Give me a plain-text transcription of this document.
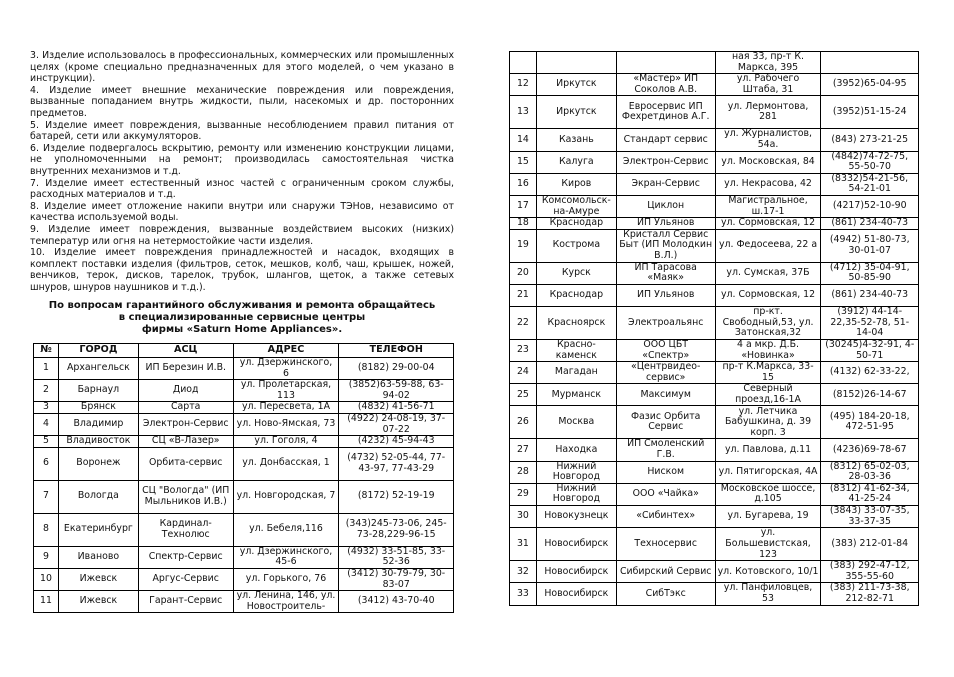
3. Изделие использовалось в профессиональных, коммерческих или промышленных целях (кроме специально предназначенных для этого моделей, о чем указано в инструкции).

4. Изделие имеет внешние механические повреждения или повреждения, вызванные попаданием внутрь жидкости, пыли, насекомых и др. посторонних предметов.

5. Изделие имеет повреждения, вызванные несоблюдением правил питания от батарей, сети или аккумуляторов.

6. Изделие подвергалось вскрытию, ремонту или изменению конструкции лицами, не уполномоченными на ремонт; производилась самостоятельная чистка внутренних механизмов и т.д.

7. Изделие имеет естественный износ частей с ограниченным сроком службы, расходных материалов и т.д.

8. Изделие имеет отложение накипи внутри или снаружи ТЭНов, независимо от качества используемой воды.

9. Изделие имеет повреждения, вызванные воздействием высоких (низких) температур или огня на нетермостойкие части изделия.

10. Изделие имеет повреждения принадлежностей и насадок, входящих в комплект поставки изделия (фильтров, сеток, мешков, колб, чаш, крышек, ножей, венчиков, терок, дисков, тарелок, трубок, шлангов, щеток, а также сетевых шнуров, шнуров наушников и т.д.).

По вопросам гарантийного обслуживания и ремонта обращайтесь
в специализированные сервисные центры
фирмы «Saturn Home Appliances».
№	ГОРОД	АСЦ	АДРЕС	ТЕЛЕФОН
1	Архангельск	ИП Березин И.В.	ул. Дзержинского, 6	(8182) 29-00-04
2	Барнаул	Диод	ул. Пролетарская, 113	(3852)63-59-88, 63-94-02
3	Брянск	Сарта	ул. Пересвета, 1А	(4832) 41-56-71
4	Владимир	Электрон-Сервис	ул. Ново-Ямская, 73	(4922) 24-08-19, 37-07-22
5	Владивосток	СЦ «В-Лазер»	ул. Гоголя, 4	(4232) 45-94-43
6	Воронеж	Орбита-сервис	ул. Донбасская, 1	(4732) 52-05-44, 77-43-97, 77-43-29
7	Вологда	СЦ "Вологда" (ИП Мыльников И.В.)	ул. Новгородская, 7	(8172) 52-19-19
8	Екатеринбург	Кардинал-Технолюс	ул. Бебеля,116	(343)245-73-06, 245-73-28,229-96-15
9	Иваново	Спектр-Сервис	ул. Дзержинского, 45-6	(4932) 33-51-85, 33-52-36
10	Ижевск	Аргус-Сервис	ул. Горького, 76	(3412) 30-79-79, 30-83-07
11	Ижевск	Гарант-Сервис	ул. Ленина, 146, ул. Новостроитель-	(3412) 43-70-40
			ная 33, пр-т К. Маркса, 395	
12	Иркутск	«Мастер» ИП Соколов А.В.	ул. Рабочего Штаба, 31	(3952)65-04-95
13	Иркутск	Евросервис ИП Фехретдинов А.Г.	ул. Лермонтова, 281	(3952)51-15-24
14	Казань	Стандарт сервис	ул. Журналистов, 54а.	(843) 273-21-25
15	Калуга	Электрон-Сервис	ул. Московская, 84	(4842)74-72-75, 55-50-70
16	Киров	Экран-Сервис	ул. Некрасова, 42	(8332)54-21-56, 54-21-01
17	Комсомольск-на-Амуре	Циклон	Магистральное, ш.17-1	(4217)52-10-90
18	Краснодар	ИП Ульянов	ул. Сормовская, 12	(861) 234-40-73
19	Кострома	Кристалл Сервис Быт (ИП Молодкин В.Л.)	ул. Федосеева, 22 а	(4942) 51-80-73, 30-01-07
20	Курск	ИП Тарасова «Маяк»	ул. Сумская, 37Б	(4712) 35-04-91, 50-85-90
21	Краснодар	ИП Ульянов	ул. Сормовская, 12	(861) 234-40-73
22	Красноярск	Электроальянс	пр-кт. Свободный,53, ул. Затонская,32	(3912) 44-14-22,35-52-78, 51-14-04
23	Красно-каменск	ООО ЦБТ «Спектр»	4 а мкр. Д.Б. «Новинка»	(30245)4-32-91, 4-50-71
24	Магадан	«Центрвидео-сервис»	пр-т К.Маркса, 33-15	(4132) 62-33-22,
25	Мурманск	Максимум	Северный проезд,16-1А	(8152)26-14-67
26	Москва	Фазис Орбита Сервис	ул. Летчика Бабушкина, д. 39 корп. 3	(495) 184-20-18, 472-51-95
27	Находка	ИП Смоленский Г.В.	ул. Павлова, д.11	(4236)69-78-67
28	Нижний Новгород	Ниском	ул. Пятигорская, 4А	(8312) 65-02-03, 28-03-36
29	Нижний Новгород	ООО «Чайка»	Московское шоссе, д.105	(8312) 41-62-34, 41-25-24
30	Новокузнецк	«Сибинтех»	ул. Бугарева, 19	(3843) 33-07-35, 33-37-35
31	Новосибирск	Техносервис	ул. Большевистская, 123	(383) 212-01-84
32	Новосибирск	Сибирский Сервис	ул. Котовского, 10/1	(383) 292-47-12, 355-55-60
33	Новосибирск	СибТэкс	ул. Панфиловцев, 53	(383) 211-73-38, 212-82-71
